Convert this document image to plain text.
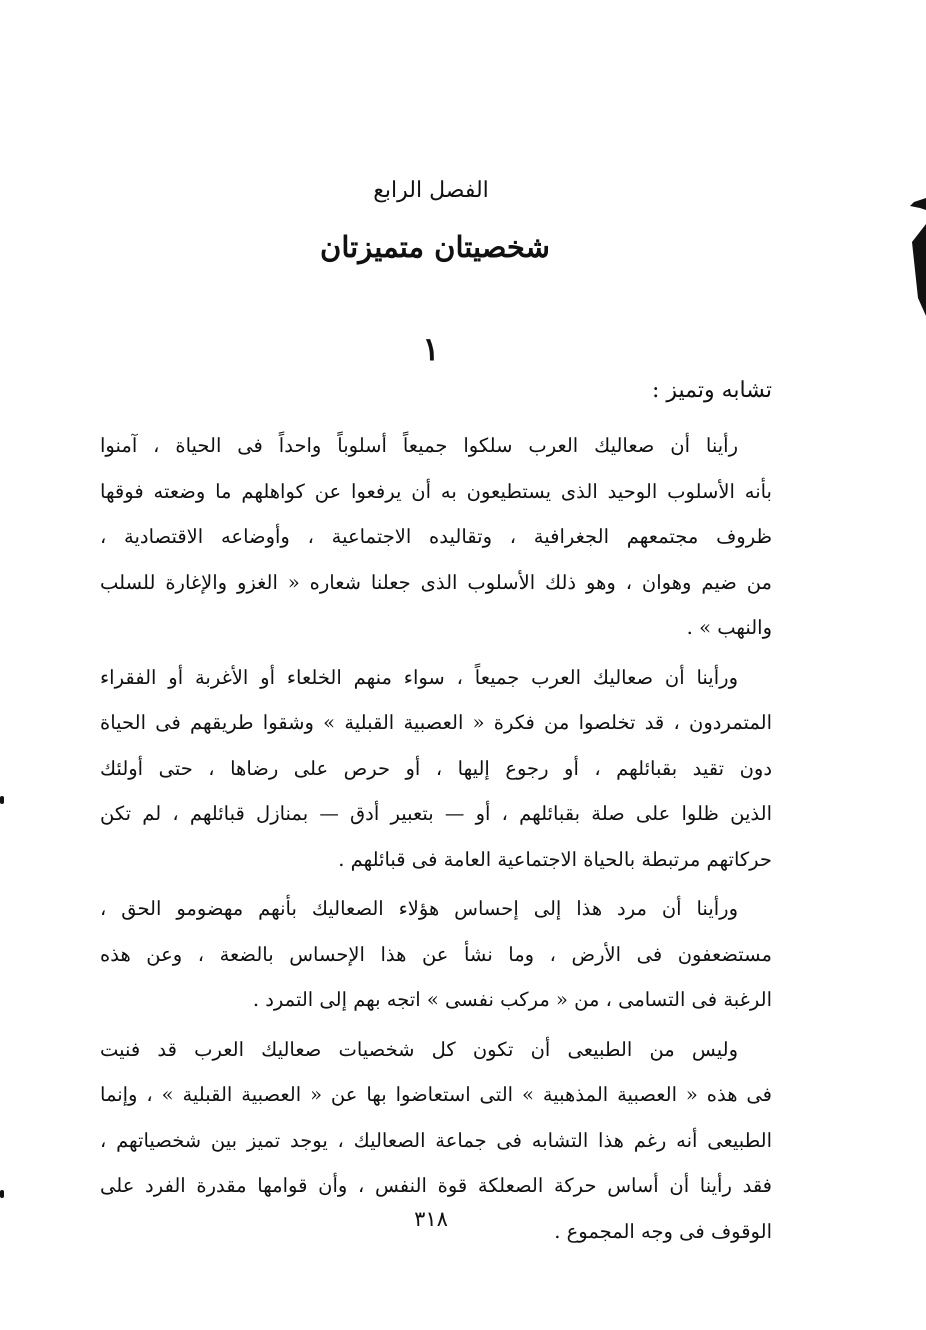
الفصل الرابع
شخصيتان متميزتان
١
تشابه وتميز :
رأينا أن صعاليك العرب سلكوا جميعاً أسلوباً واحداً فى الحياة ، آمنوا
بأنه الأسلوب الوحيد الذى يستطيعون به أن يرفعوا عن كواهلهم ما وضعته فوقها
ظروف مجتمعهم الجغرافية ، وتقاليده الاجتماعية ، وأوضاعه الاقتصادية ،
من ضيم وهوان ، وهو ذلك الأسلوب الذى جعلنا شعاره « الغزو والإغارة للسلب
والنهب » .
ورأينا أن صعاليك العرب جميعاً ، سواء منهم الخلعاء أو الأغربة أو الفقراء
المتمردون ، قد تخلصوا من فكرة « العصبية القبلية » وشقوا طريقهم فى الحياة
دون تقيد بقبائلهم ، أو رجوع إليها ، أو حرص على رضاها ، حتى أولئك
الذين ظلوا على صلة بقبائلهم ، أو — بتعبير أدق — بمنازل قبائلهم ، لم تكن
حركاتهم مرتبطة بالحياة الاجتماعية العامة فى قبائلهم .
ورأينا أن مرد هذا إلى إحساس هؤلاء الصعاليك بأنهم مهضومو الحق ،
مستضعفون فى الأرض ، وما نشأ عن هذا الإحساس بالضعة ، وعن هذه
الرغبة فى التسامى ، من « مركب نفسى » اتجه بهم إلى التمرد .
وليس من الطبيعى أن تكون كل شخصيات صعاليك العرب قد فنيت
فى هذه « العصبية المذهبية » التى استعاضوا بها عن « العصبية القبلية » ، وإنما
الطبيعى أنه رغم هذا التشابه فى جماعة الصعاليك ، يوجد تميز بين شخصياتهم ،
فقد رأينا أن أساس حركة الصعلكة قوة النفس ، وأن قوامها مقدرة الفرد على
الوقوف فى وجه المجموع .
٣١٨
